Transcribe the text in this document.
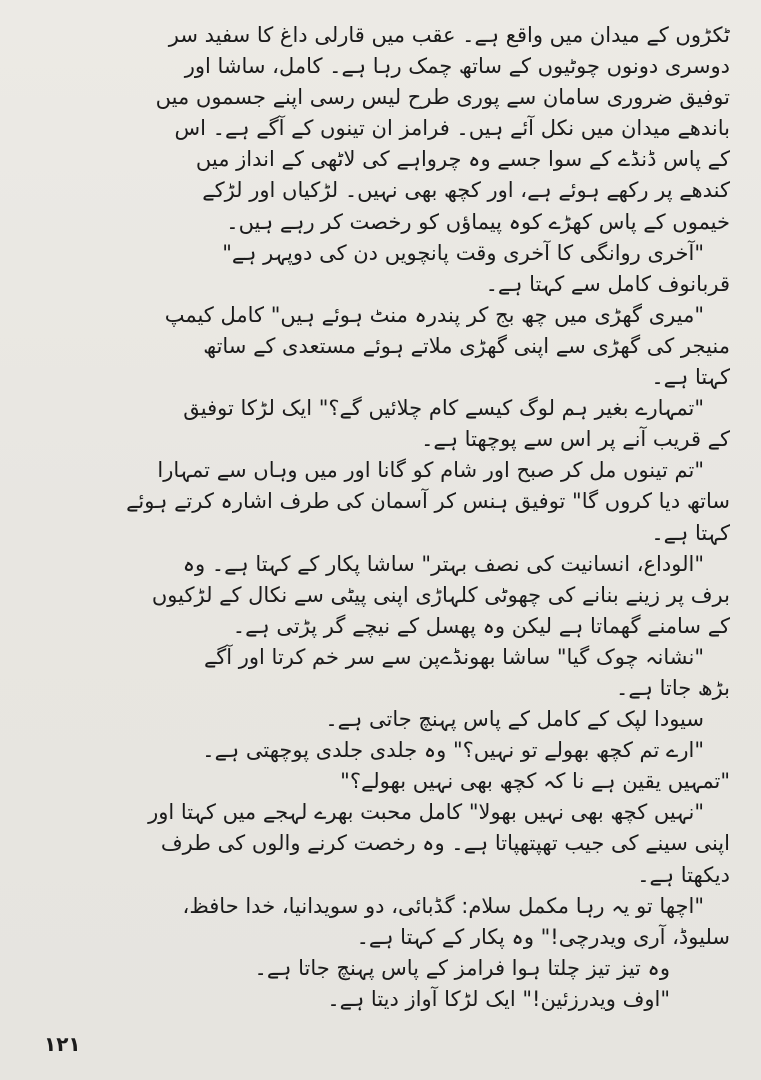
ٹکڑوں کے میدان میں واقع ہے۔ عقب میں قارلی داغ کا سفید سر
دوسری دونوں چوٹیوں کے ساتھ چمک رہا ہے۔ کامل، ساشا اور
توفیق ضروری سامان سے پوری طرح لیس رسی اپنے جسموں میں
باندھے میدان میں نکل آئے ہیں۔ فرامز ان تینوں کے آگے ہے۔ اس
کے پاس ڈنڈے کے سوا جسے وہ چرواہے کی لاٹھی کے انداز میں
کندھے پر رکھے ہوئے ہے، اور کچھ بھی نہیں۔ لڑکیاں اور لڑکے
خیموں کے پاس کھڑے کوہ پیماؤں کو رخصت کر رہے ہیں۔
"آخری روانگی کا آخری وقت پانچویں دن کی دوپہر ہے"
قربانوف کامل سے کہتا ہے۔
"میری گھڑی میں چھ بج کر پندرہ منٹ ہوئے ہیں" کامل کیمپ
منیجر کی گھڑی سے اپنی گھڑی ملاتے ہوئے مستعدی کے ساتھ
کہتا ہے۔
"تمہارے بغیر ہم لوگ کیسے کام چلائیں گے؟" ایک لڑکا توفیق
کے قریب آنے پر اس سے پوچھتا ہے۔
"تم تینوں مل کر صبح اور شام کو گانا اور میں وہاں سے تمہارا
ساتھ دیا کروں گا" توفیق ہنس کر آسمان کی طرف اشارہ کرتے ہوئے
کہتا ہے۔
"الوداع، انسانیت کی نصف بہتر" ساشا پکار کے کہتا ہے۔ وہ
برف پر زینے بنانے کی چھوٹی کلہاڑی اپنی پیٹی سے نکال کے لڑکیوں
کے سامنے گھماتا ہے لیکن وہ پھسل کے نیچے گر پڑتی ہے۔
"نشانہ چوک گیا" ساشا بھونڈےپن سے سر خم کرتا اور آگے
بڑھ جاتا ہے۔
سیودا لپک کے کامل کے پاس پہنچ جاتی ہے۔
"ارے تم کچھ بھولے تو نہیں؟" وہ جلدی جلدی پوچھتی ہے۔
"تمہیں یقین ہے نا کہ کچھ بھی نہیں بھولے؟"
"نہیں کچھ بھی نہیں بھولا" کامل محبت بھرے لہجے میں کہتا اور
اپنی سینے کی جیب تھپتھپاتا ہے۔ وہ رخصت کرنے والوں کی طرف
دیکھتا ہے۔
"اچھا تو یہ رہا مکمل سلام: گڈبائی، دو سویدانیا، خدا حافظ،
سلیوڈ، آری ویدرچی!" وہ پکار کے کہتا ہے۔
وہ تیز تیز چلتا ہوا فرامز کے پاس پہنچ جاتا ہے۔
"اوف ویدرزئین!" ایک لڑکا آواز دیتا ہے۔
۱۲۱
